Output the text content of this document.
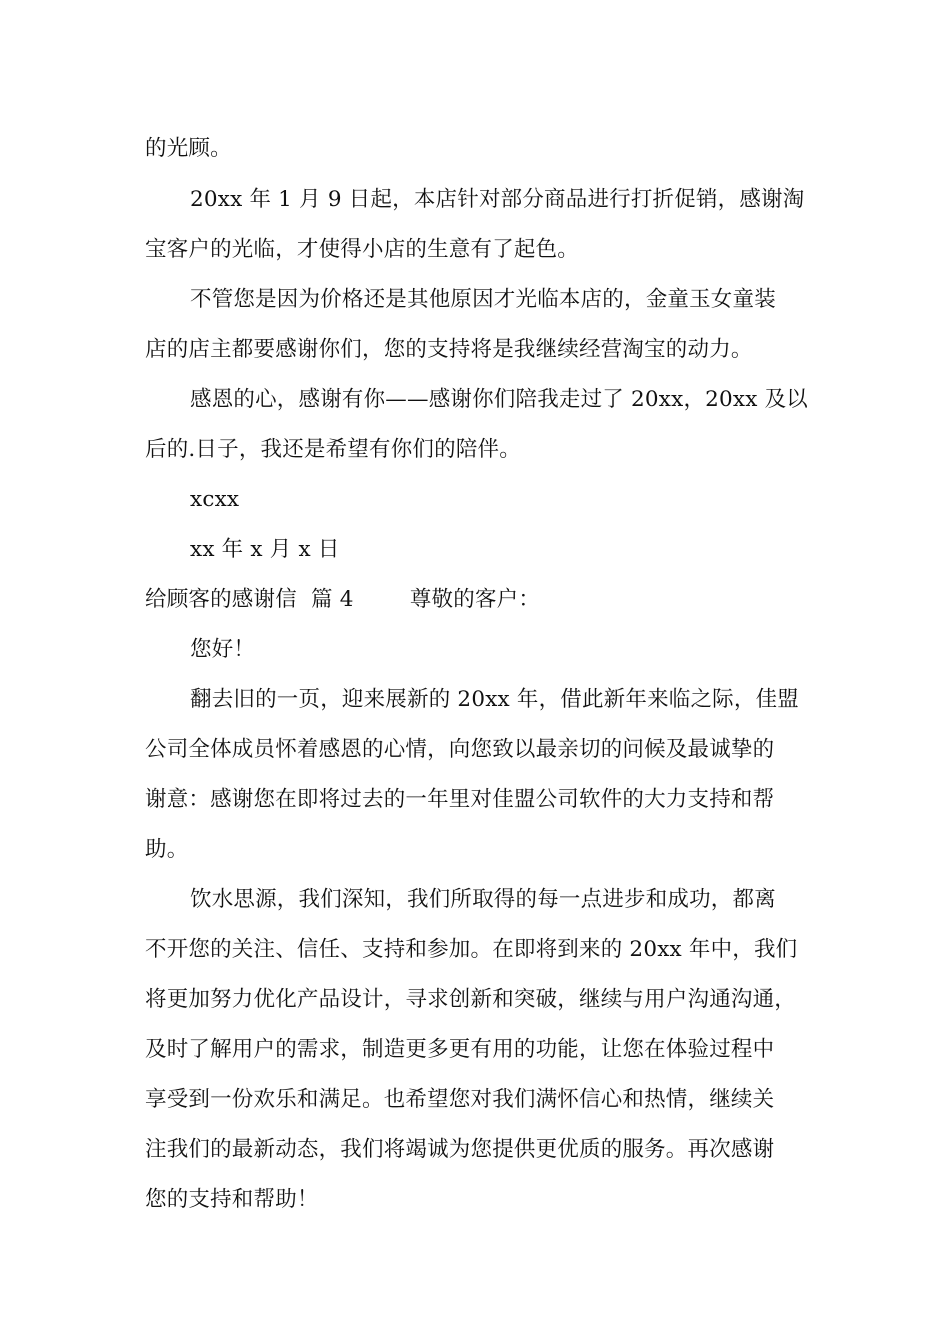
的光顾。
20xx 年 1 月 9 日起，本店针对部分商品进行打折促销，感谢淘
宝客户的光临，才使得小店的生意有了起色。
不管您是因为价格还是其他原因才光临本店的，金童玉女童装
店的店主都要感谢你们，您的支持将是我继续经营淘宝的动力。
感恩的心，感谢有你——感谢你们陪我走过了 20xx，20xx 及以
后的.日子，我还是希望有你们的陪伴。
xcxx
xx 年 x 月 x 日
给顾客的感谢信  篇 4        尊敬的客户：
您好！
翻去旧的一页，迎来展新的 20xx 年，借此新年来临之际，佳盟
公司全体成员怀着感恩的心情，向您致以最亲切的问候及最诚挚的
谢意：感谢您在即将过去的一年里对佳盟公司软件的大力支持和帮
助。
饮水思源，我们深知，我们所取得的每一点进步和成功，都离
不开您的关注、信任、支持和参加。在即将到来的 20xx 年中，我们
将更加努力优化产品设计，寻求创新和突破，继续与用户沟通沟通，
及时了解用户的需求，制造更多更有用的功能，让您在体验过程中
享受到一份欢乐和满足。也希望您对我们满怀信心和热情，继续关
注我们的最新动态，我们将竭诚为您提供更优质的服务。再次感谢
您的支持和帮助！
